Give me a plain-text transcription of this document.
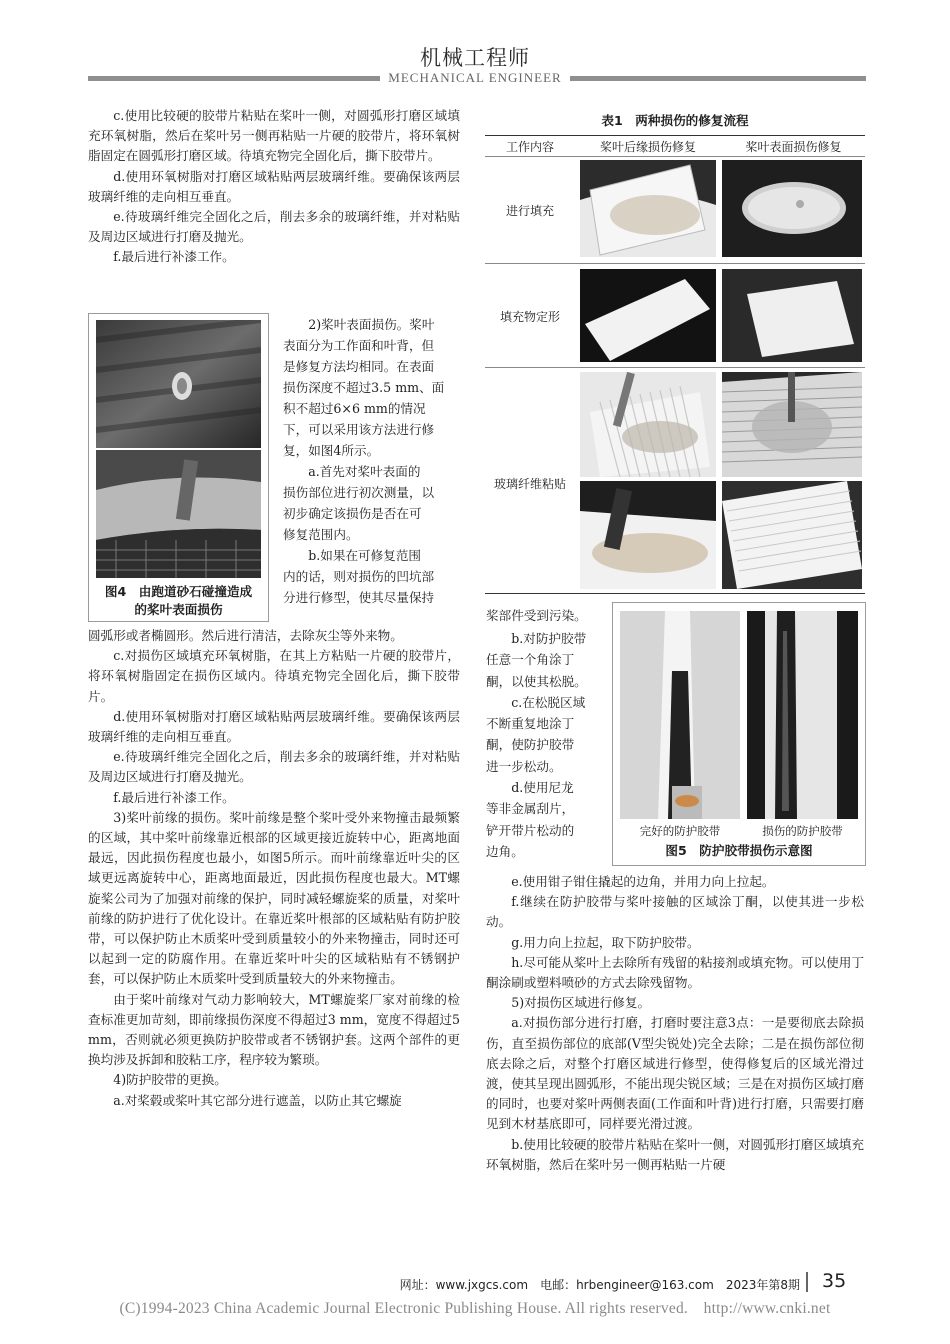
机械工程师
MECHANICAL ENGINEER

c.使用比较硬的胶带片粘贴在桨叶一侧，对圆弧形打磨区域填充环氧树脂，然后在桨叶另一侧再粘贴一片硬的胶带片，将环氧树脂固定在圆弧形打磨区域。待填充物完全固化后，撕下胶带片。

d.使用环氧树脂对打磨区域粘贴两层玻璃纤维。要确保该两层玻璃纤维的走向相互垂直。

e.待玻璃纤维完全固化之后，削去多余的玻璃纤维，并对粘贴及周边区域进行打磨及抛光。

f.最后进行补漆工作。

图4　由跑道砂石碰撞造成
的桨叶表面损伤
2)桨叶表面损伤。桨叶
表面分为工作面和叶背，但
是修复方法均相同。在表面
损伤深度不超过3.5 mm、面
积不超过6×6 mm的情况
下，可以采用该方法进行修
复，如图4所示。
a.首先对桨叶表面的
损伤部位进行初次测量，以
初步确定该损伤是否在可
修复范围内。
b.如果在可修复范围
内的话，则对损伤的凹坑部
分进行修型，使其尽量保持

圆弧形或者椭圆形。然后进行清洁，去除灰尘等外来物。

c.对损伤区域填充环氧树脂，在其上方粘贴一片硬的胶带片，将环氧树脂固定在损伤区域内。待填充物完全固化后，撕下胶带片。

d.使用环氧树脂对打磨区域粘贴两层玻璃纤维。要确保该两层玻璃纤维的走向相互垂直。

e.待玻璃纤维完全固化之后，削去多余的玻璃纤维，并对粘贴及周边区域进行打磨及抛光。

f.最后进行补漆工作。

3)桨叶前缘的损伤。桨叶前缘是整个桨叶受外来物撞击最频繁的区域，其中桨叶前缘靠近根部的区域更接近旋转中心，距离地面最远，因此损伤程度也最小，如图5所示。而叶前缘靠近叶尖的区域更远离旋转中心，距离地面最近，因此损伤程度也最大。MT螺旋桨公司为了加强对前缘的保护，同时减轻螺旋桨的质量，对桨叶前缘的防护进行了优化设计。在靠近桨叶根部的区域粘贴有防护胶带，可以保护防止木质桨叶受到质量较小的外来物撞击，同时还可以起到一定的防腐作用。在靠近桨叶叶尖的区域粘贴有不锈钢护套，可以保护防止木质桨叶受到质量较大的外来物撞击。

由于桨叶前缘对气动力影响较大，MT螺旋桨厂家对前缘的检查标准更加苛刻，即前缘损伤深度不得超过3 mm，宽度不得超过5 mm，否则就必须更换防护胶带或者不锈钢护套。这两个部件的更换均涉及拆卸和胶粘工序，程序较为繁琐。

4)防护胶带的更换。

a.对桨毂或桨叶其它部分进行遮盖，以防止其它螺旋

表1　两种损伤的修复流程
工作内容	桨叶后缘损伤修复	桨叶表面损伤修复
进行填充
填充物定形
玻璃纤维粘贴
桨部件受到污染。
b.对防护胶带
任意一个角涂丁
酮，以使其松脱。
c.在松脱区域
不断重复地涂丁
酮，使防护胶带
进一步松动。
d.使用尼龙
等非金属刮片，
铲开带片松动的
边角。
完好的防护胶带	损伤的防护胶带
图5　防护胶带损伤示意图

e.使用钳子钳住撬起的边角，并用力向上拉起。

f.继续在防护胶带与桨叶接触的区域涂丁酮，以使其进一步松动。

g.用力向上拉起，取下防护胶带。

h.尽可能从桨叶上去除所有残留的粘接剂或填充物。可以使用丁酮涂刷或塑料喷砂的方式去除残留物。

5)对损伤区域进行修复。

a.对损伤部分进行打磨，打磨时要注意3点：一是要彻底去除损伤，直至损伤部位的底部(V型尖锐处)完全去除；二是在损伤部位彻底去除之后，对整个打磨区域进行修型，使得修复后的区域光滑过渡，使其呈现出圆弧形，不能出现尖锐区域；三是在对损伤区域打磨的同时，也要对桨叶两侧表面(工作面和叶背)进行打磨，只需要打磨见到木材基底即可，同样要光滑过渡。

b.使用比较硬的胶带片粘贴在桨叶一侧，对圆弧形打磨区域填充环氧树脂，然后在桨叶另一侧再粘贴一片硬

网址：www.jxgcs.com　电邮：hrbengineer@163.com　2023年第8期 35
(C)1994-2023 China Academic Journal Electronic Publishing House. All rights reserved.　http://www.cnki.net
